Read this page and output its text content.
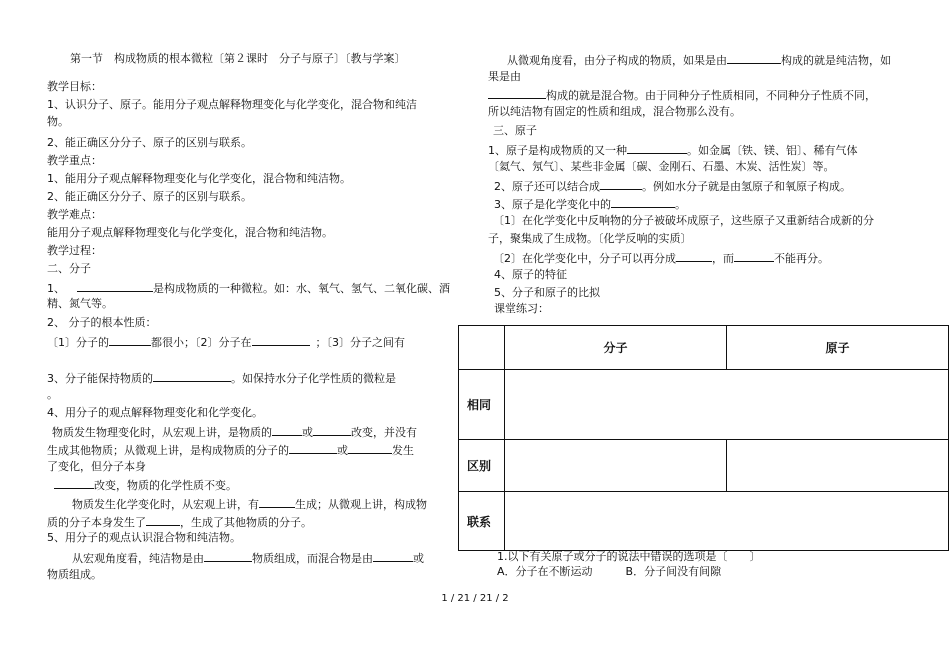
第一节　构成物质的根本微粒〔第２课时　分子与原子〕〔教与学案〕
教学目标：
1、认识分子、原子。能用分子观点解释物理变化与化学变化，混合物和纯洁
物。
2、能正确区分分子、原子的区别与联系。
教学重点：
1、能用分子观点解释物理变化与化学变化，混合物和纯洁物。
2、能正确区分分子、原子的区别与联系。
教学难点：
能用分子观点解释物理变化与化学变化，混合物和纯洁物。
教学过程：
二、分子
1、	是构成物质的一种微粒。如：水、氧气、氢气、二氧化碳、酒
精、氮气等。
2、 分子的根本性质：
〔1〕分子的	都很小；〔2〕分子在	；〔3〕分子之间有
3、分子能保持物质的	。如保持水分子化学性质的微粒是
。
4、用分子的观点解释物理变化和化学变化。
物质发生物理变化时，从宏观上讲，是物质的	或	改变，并没有
生成其他物质；从微观上讲，是构成物质的分子的	或	发生
了变化，但分子本身
改变，物质的化学性质不变。
物质发生化学变化时，从宏观上讲，有	生成；从微观上讲，构成物
质的分子本身发生了	，生成了其他物质的分子。
5、用分子的观点认识混合物和纯洁物。
从宏观角度看，纯洁物是由	物质组成，而混合物是由	或
物质组成。
从微观角度看，由分子构成的物质，如果是由	构成的就是纯洁物，如
果是由
构成的就是混合物。由于同种分子性质相同，不同种分子性质不同，
所以纯洁物有固定的性质和组成，混合物那么没有。
三、原子
1、原子是构成物质的又一种	。如金属〔铁、镁、铝〕、稀有气体
〔氦气、氖气〕、某些非金属〔碳、金刚石、石墨、木炭、活性炭〕等。
2、原子还可以结合成	。例如水分子就是由氢原子和氧原子构成。
3、原子是化学变化中的	。
〔1〕在化学变化中反响物的分子被破坏成原子，这些原子又重新结合成新的分
子，聚集成了生成物。〔化学反响的实质〕
〔2〕在化学变化中，分子可以再分成	，而	不能再分。
4、原子的特征
5、分子和原子的比拟
课堂练习：
	分子	原子
相同		
区别		
联系		
1.以下有关原子或分子的说法中错误的选项是〔　　〕
A．分子在不断运动　　　B．分子间没有间隙
1 / 21 / 21 / 2
